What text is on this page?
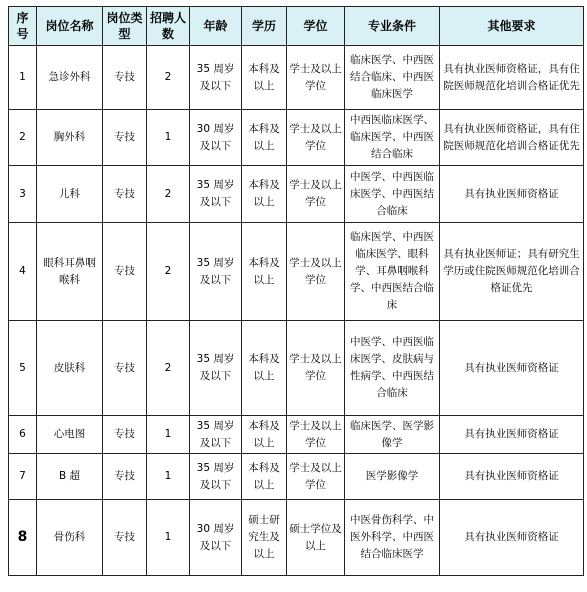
序号	岗位名称	岗位类型	招聘人数	年龄	学历	学位	专业条件	其他要求
1	急诊外科	专技	2	35 周岁及以下	本科及以上	学士及以上学位	临床医学、中西医结合临床、中西医临床医学	具有执业医师资格证，具有住院医师规范化培训合格证优先
2	胸外科	专技	1	30 周岁及以下	本科及以上	学士及以上学位	中西医临床医学、临床医学、中西医结合临床	具有执业医师资格证，具有住院医师规范化培训合格证优先
3	儿科	专技	2	35 周岁及以下	本科及以上	学士及以上学位	中医学、中西医临床医学、中西医结合临床	具有执业医师资格证
4	眼科耳鼻咽喉科	专技	2	35 周岁及以下	本科及以上	学士及以上学位	临床医学、中西医临床医学、眼科学、耳鼻咽喉科学、中西医结合临床	具有执业医师证；具有研究生学历或住院医师规范化培训合格证优先
5	皮肤科	专技	2	35 周岁及以下	本科及以上	学士及以上学位	中医学、中西医临床医学、皮肤病与性病学、中西医结合临床	具有执业医师资格证
6	心电图	专技	1	35 周岁及以下	本科及以上	学士及以上学位	临床医学、医学影像学	具有执业医师资格证
7	B 超	专技	1	35 周岁及以下	本科及以上	学士及以上学位	医学影像学	具有执业医师资格证
8	骨伤科	专技	1	30 周岁及以下	硕士研究生及以上	硕士学位及以上	中医骨伤科学、中医外科学、中西医结合临床医学	具有执业医师资格证
